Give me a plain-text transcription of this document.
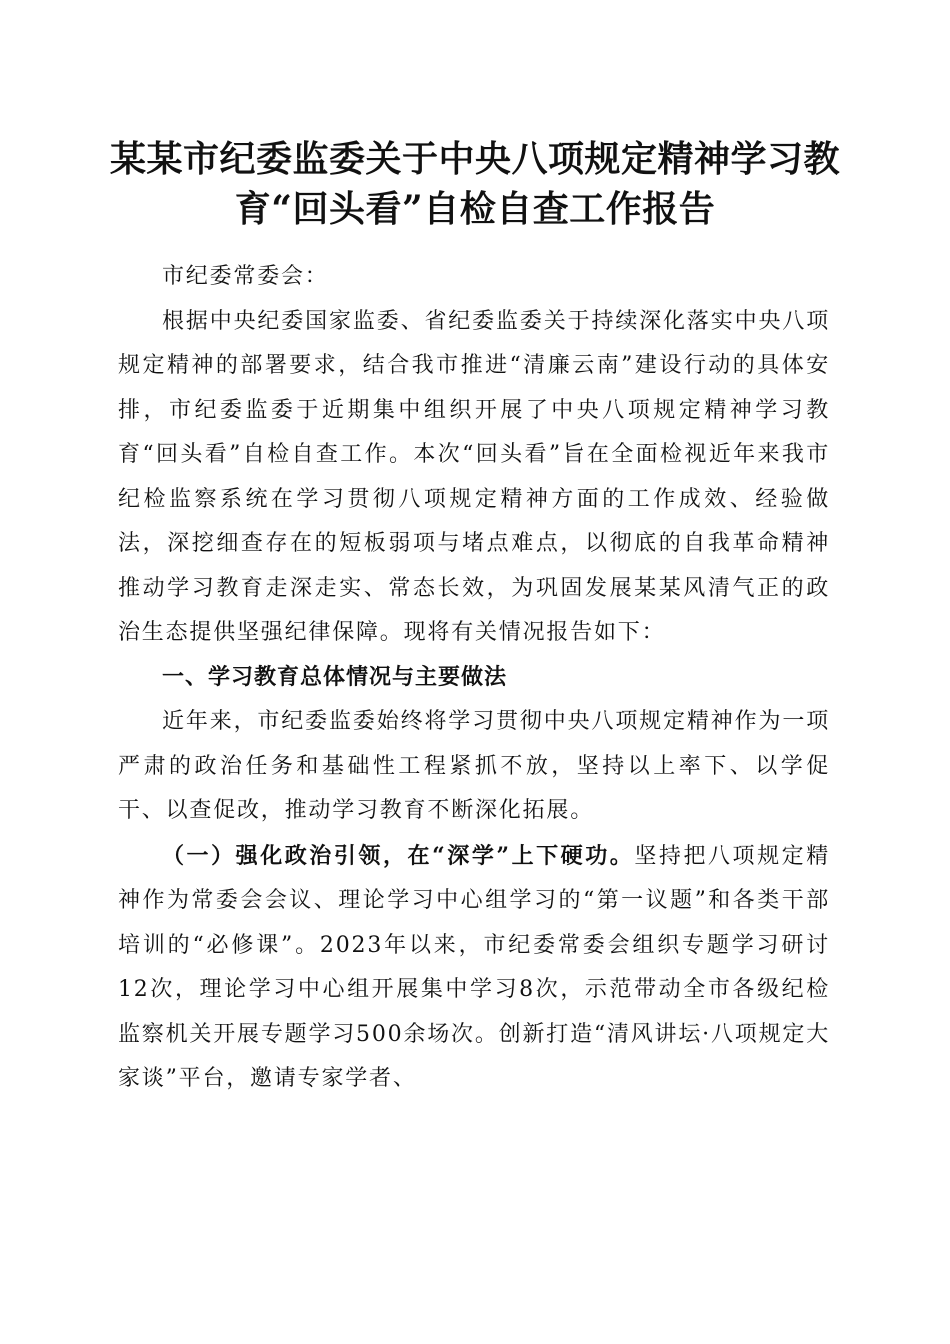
某某市纪委监委关于中央八项规定精神学习教
育“回头看”自检自查工作报告

市纪委常委会：

根据中央纪委国家监委、省纪委监委关于持续深化落实中央八项规定精神的部署要求，结合我市推进“清廉云南”建设行动的具体安排，市纪委监委于近期集中组织开展了中央八项规定精神学习教育“回头看”自检自查工作。本次“回头看”旨在全面检视近年来我市纪检监察系统在学习贯彻八项规定精神方面的工作成效、经验做法，深挖细查存在的短板弱项与堵点难点，以彻底的自我革命精神推动学习教育走深走实、常态长效，为巩固发展某某风清气正的政治生态提供坚强纪律保障。现将有关情况报告如下：

一、学习教育总体情况与主要做法

近年来，市纪委监委始终将学习贯彻中央八项规定精神作为一项严肃的政治任务和基础性工程紧抓不放，坚持以上率下、以学促干、以查促改，推动学习教育不断深化拓展。

（一）强化政治引领，在“深学”上下硬功。坚持把八项规定精神作为常委会会议、理论学习中心组学习的“第一议题”和各类干部培训的“必修课”。2023年以来，市纪委常委会组织专题学习研讨12次，理论学习中心组开展集中学习8次，示范带动全市各级纪检监察机关开展专题学习500余场次。创新打造“清风讲坛·八项规定大家谈”平台，邀请专家学者、
